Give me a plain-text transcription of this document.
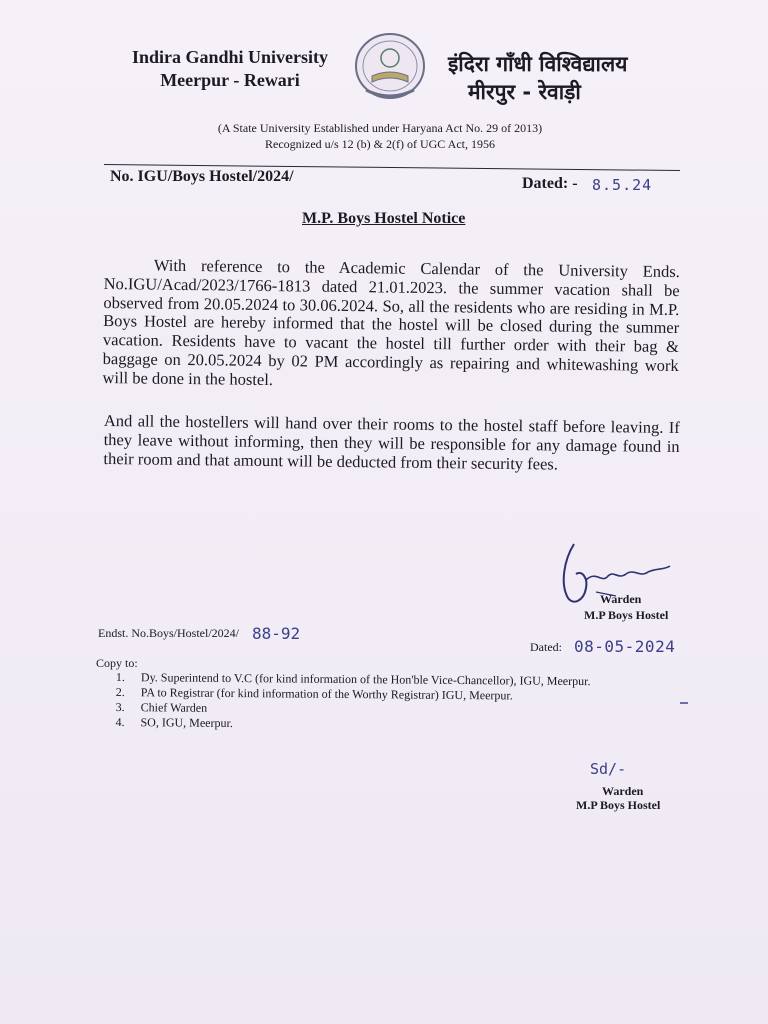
Indira Gandhi University
Meerpur - Rewari
इंदिरा गाँधी विश्विद्यालय
मीरपुर - रेवाड़ी
(A State University Established under Haryana Act No. 29 of 2013)
Recognized u/s 12 (b) & 2(f) of UGC Act, 1956
No. IGU/Boys Hostel/2024/	Dated: - 8.5.24
M.P. Boys Hostel Notice

With reference to the Academic Calendar of the University Ends. No.IGU/Acad/2023/1766-1813 dated 21.01.2023. the summer vacation shall be observed from 20.05.2024 to 30.06.2024. So, all the residents who are residing in M.P. Boys Hostel are hereby informed that the hostel will be closed during the summer vacation. Residents have to vacant the hostel till further order with their bag & baggage on 20.05.2024 by 02 PM accordingly as repairing and whitewashing work will be done in the hostel.

And all the hostellers will hand over their rooms to the hostel staff before leaving. If they leave without informing, then they will be responsible for any damage found in their room and that amount will be deducted from their security fees.

Warden
M.P Boys Hostel
Endst. No.Boys/Hostel/2024/ 88-92
Dated: 08-05-2024
Copy to:
1.	Dy. Superintend to V.C (for kind information of the Hon'ble Vice-Chancellor), IGU, Meerpur.
2.	PA to Registrar (for kind information of the Worthy Registrar) IGU, Meerpur.
3.	Chief Warden
4.	SO, IGU, Meerpur.
Sd/-
Warden
M.P Boys Hostel
